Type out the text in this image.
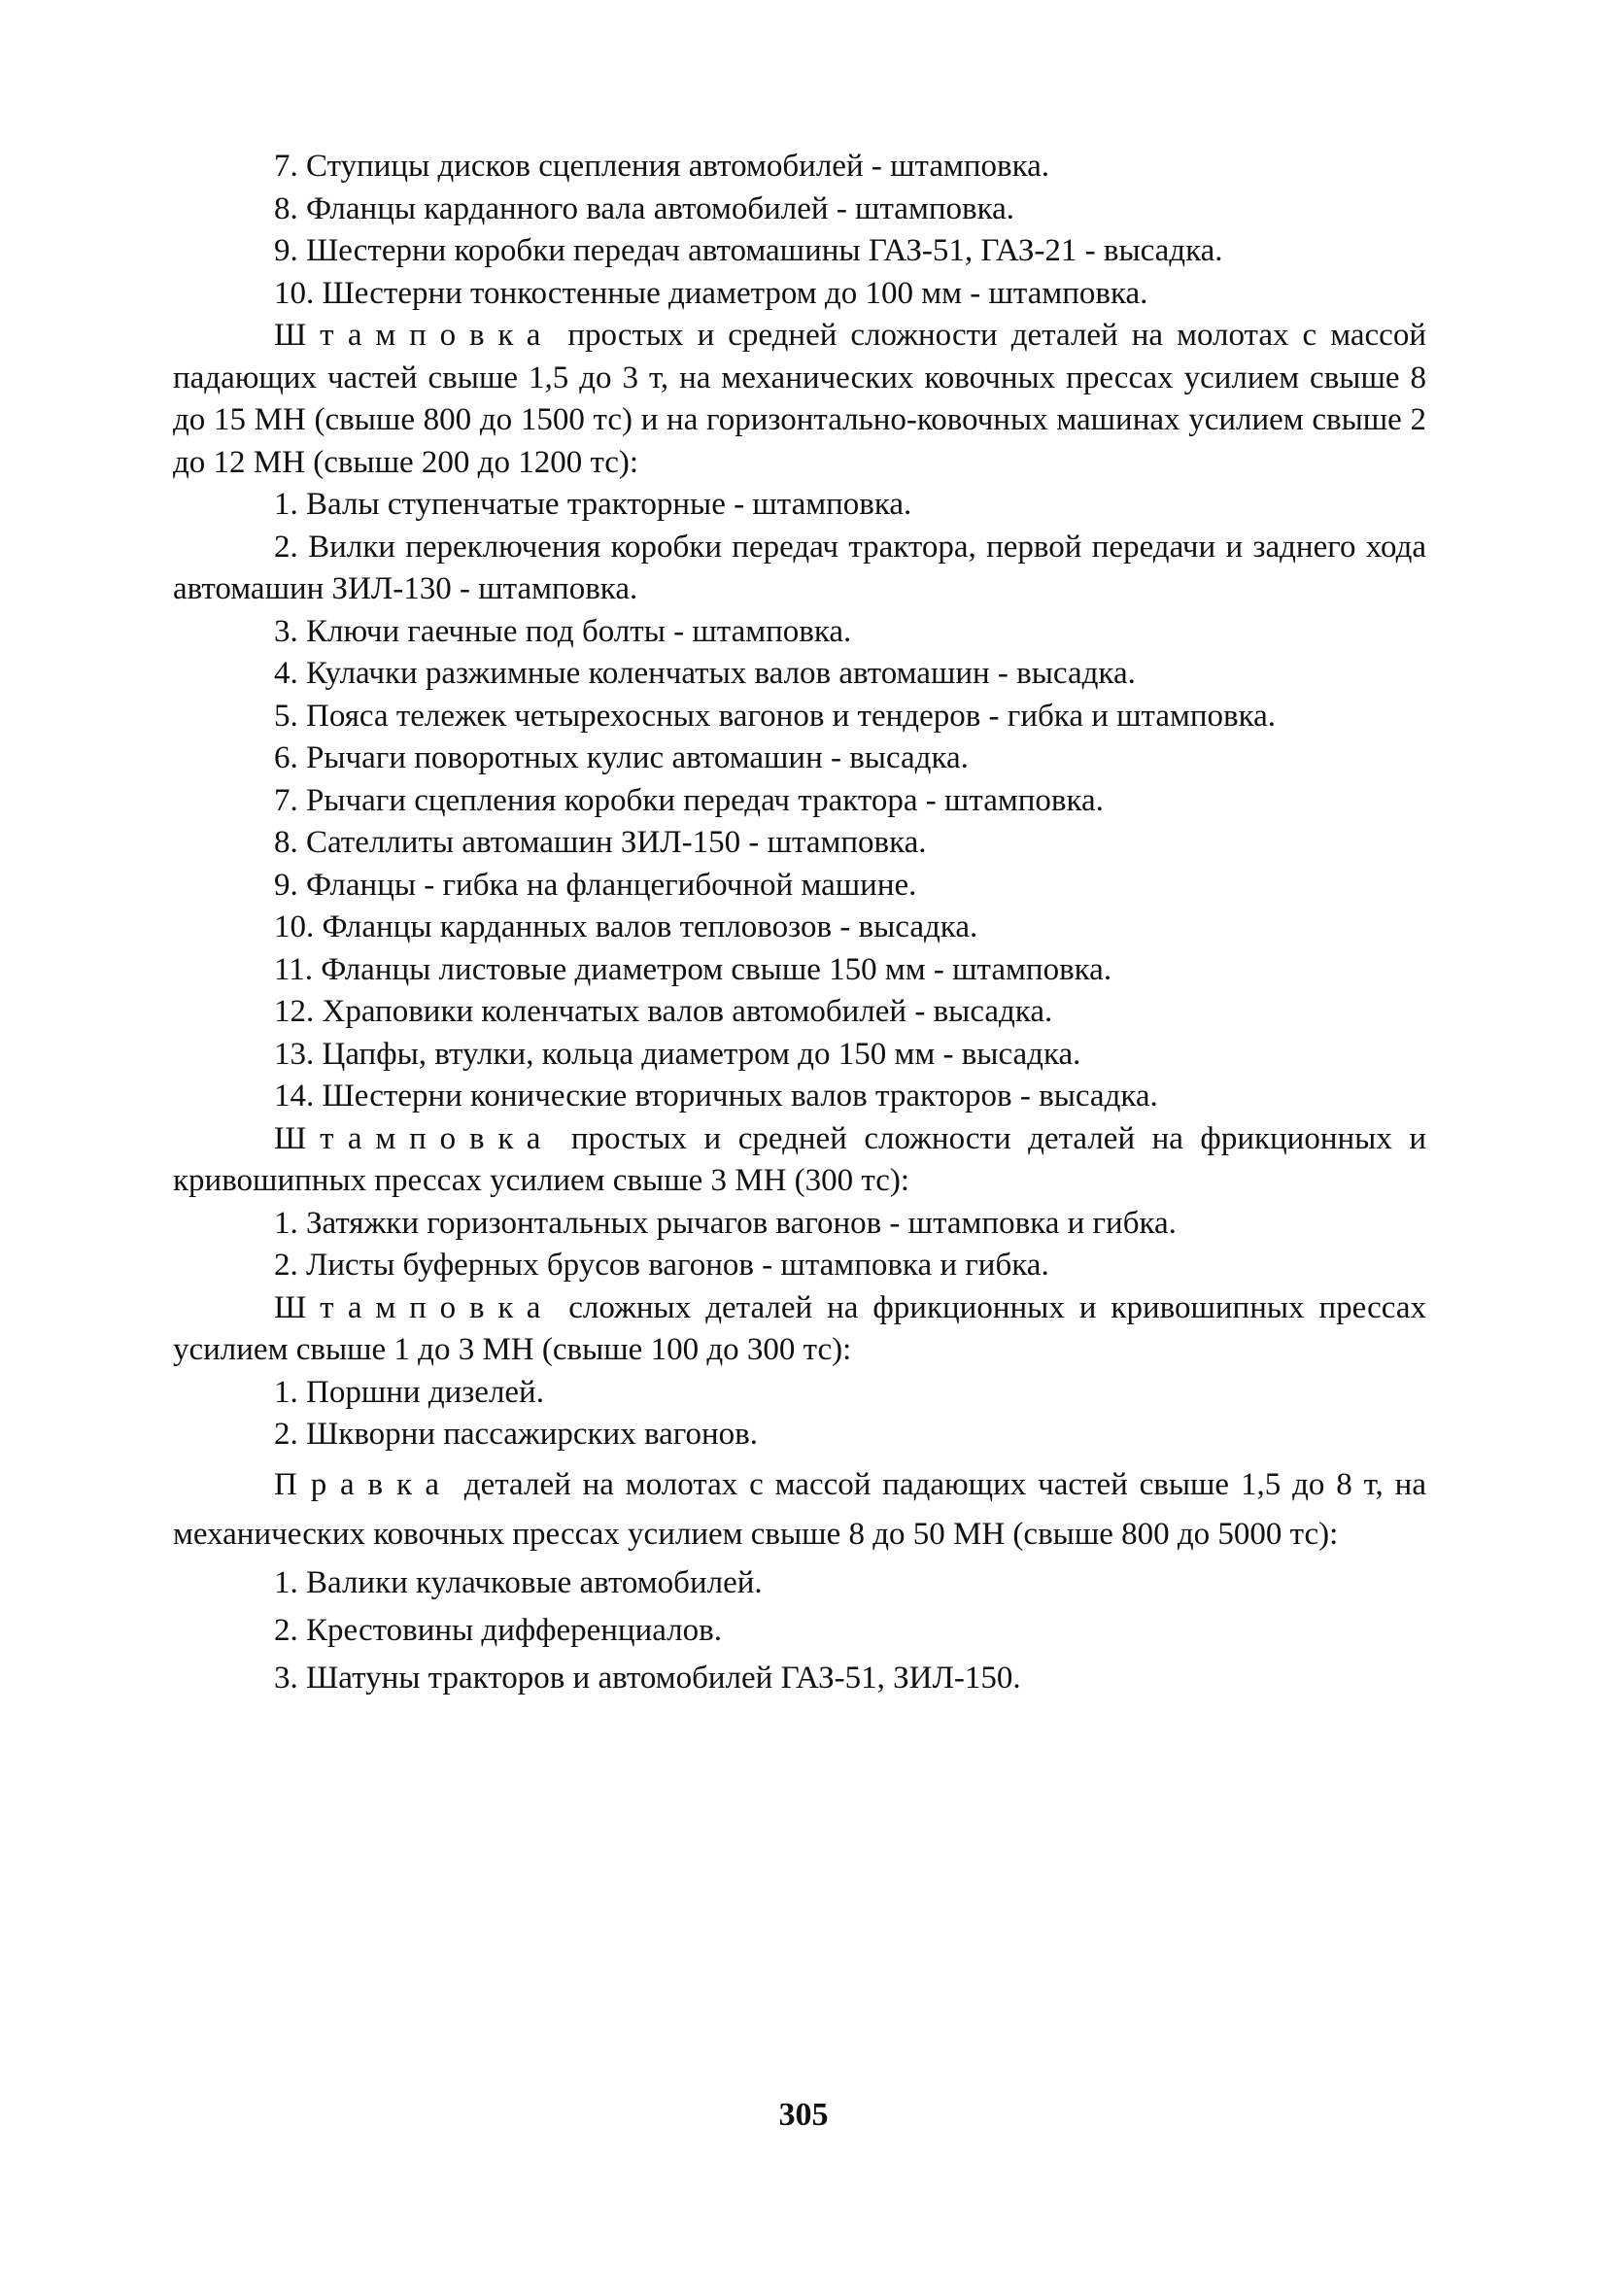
7. Ступицы дисков сцепления автомобилей - штамповка.

8. Фланцы карданного вала автомобилей - штамповка.

9. Шестерни коробки передач автомашины ГАЗ-51, ГАЗ-21 - высадка.

10. Шестерни тонкостенные диаметром до 100 мм - штамповка.

Штамповка простых и средней сложности деталей на молотах с массой падающих частей свыше 1,5 до 3 т, на механических ковочных прессах усилием свыше 8 до 15 МН (свыше 800 до 1500 тс) и на горизонтально-ковочных машинах усилием свыше 2 до 12 МН (свыше 200 до 1200 тс):

1. Валы ступенчатые тракторные - штамповка.

2. Вилки переключения коробки передач трактора, первой передачи и заднего хода автомашин ЗИЛ-130 - штамповка.

3. Ключи гаечные под болты - штамповка.

4. Кулачки разжимные коленчатых валов автомашин - высадка.

5. Пояса тележек четырехосных вагонов и тендеров - гибка и штамповка.

6. Рычаги поворотных кулис автомашин - высадка.

7. Рычаги сцепления коробки передач трактора - штамповка.

8. Сателлиты автомашин ЗИЛ-150 - штамповка.

9. Фланцы - гибка на фланцегибочной машине.

10. Фланцы карданных валов тепловозов - высадка.

11. Фланцы листовые диаметром свыше 150 мм - штамповка.

12. Храповики коленчатых валов автомобилей - высадка.

13. Цапфы, втулки, кольца диаметром до 150 мм - высадка.

14. Шестерни конические вторичных валов тракторов - высадка.

Штамповка простых и средней сложности деталей на фрикционных и кривошипных прессах усилием свыше 3 МН (300 тс):

1. Затяжки горизонтальных рычагов вагонов - штамповка и гибка.

2. Листы буферных брусов вагонов - штамповка и гибка.

Штамповка сложных деталей на фрикционных и кривошипных прессах усилием свыше 1 до 3 МН (свыше 100 до 300 тс):

1. Поршни дизелей.

2. Шкворни пассажирских вагонов.

Правка деталей на молотах с массой падающих частей свыше 1,5 до 8 т, на механических ковочных прессах усилием свыше 8 до 50 МН (свыше 800 до 5000 тс):

1. Валики кулачковые автомобилей.

2. Крестовины дифференциалов.

3. Шатуны тракторов и автомобилей ГАЗ-51, ЗИЛ-150.

305
